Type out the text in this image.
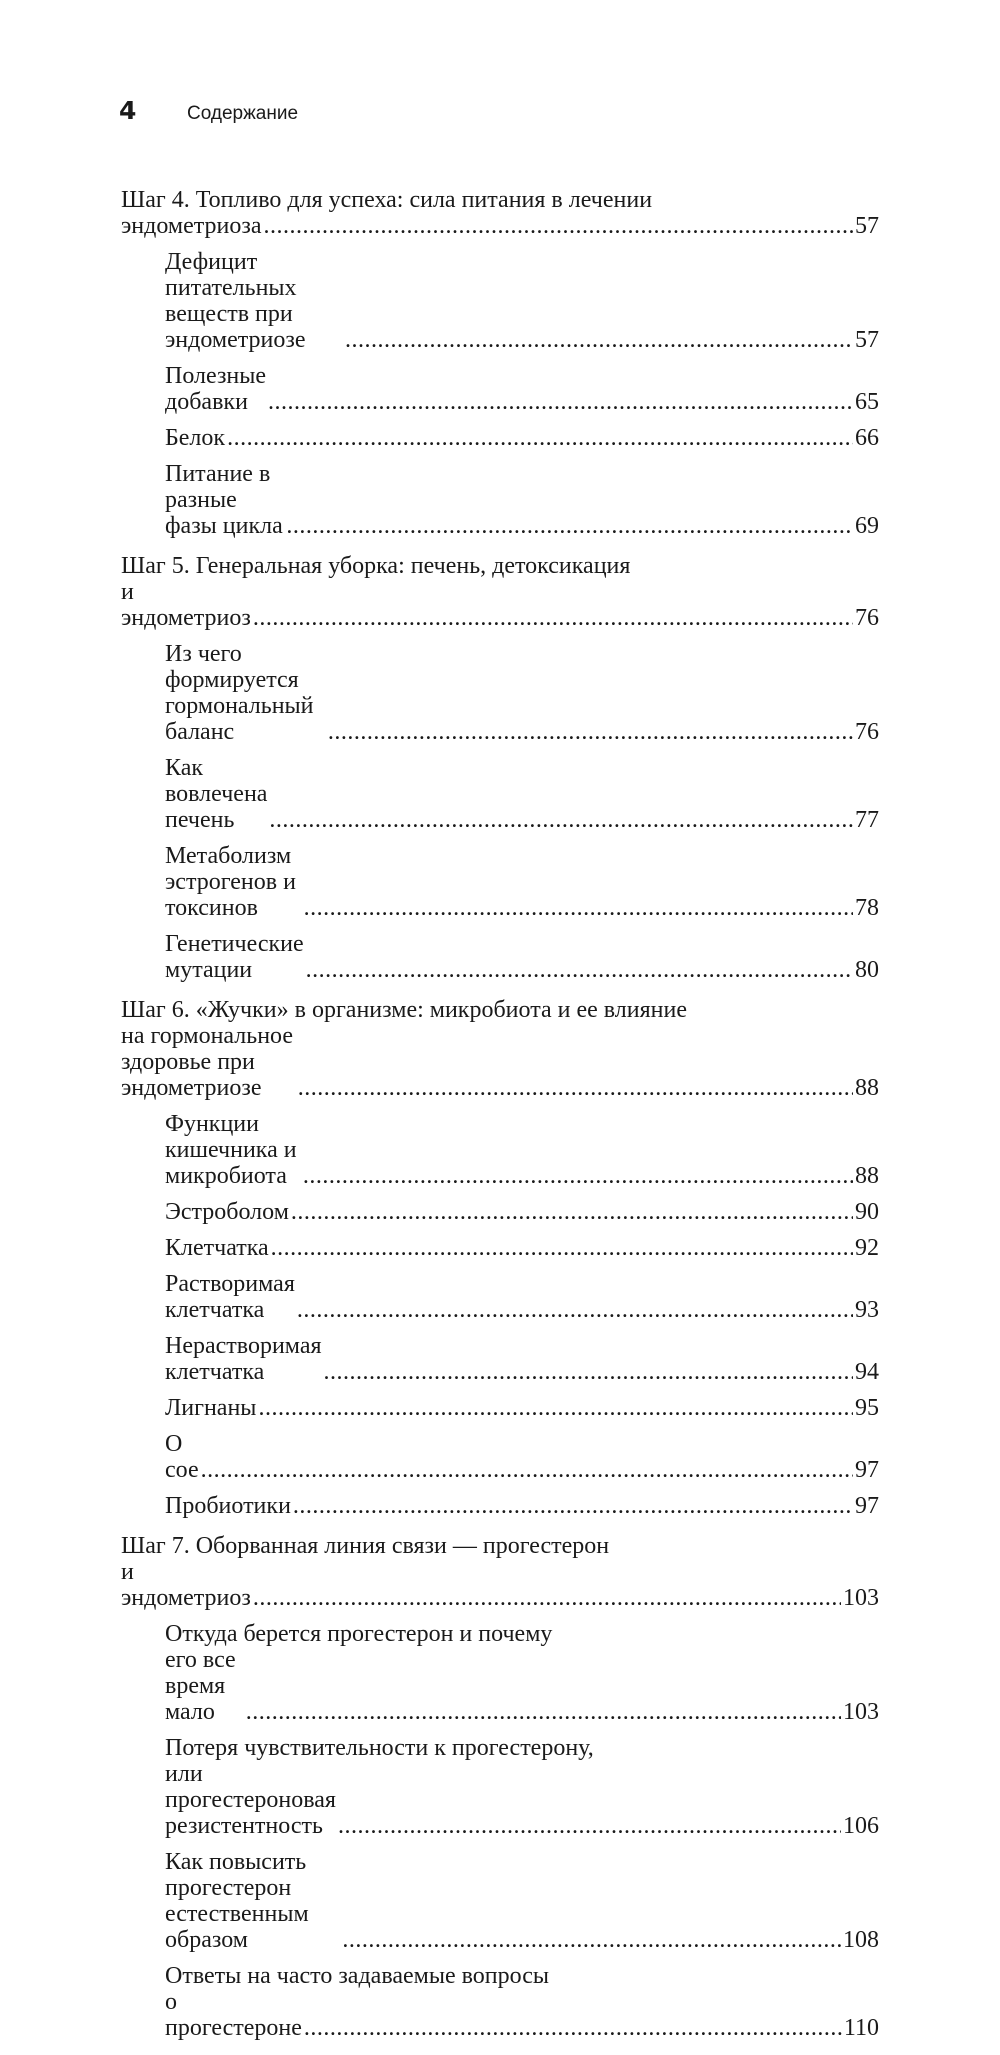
4	Содержание
Шаг 4. Топливо для успеха: сила питания в лечении
эндометриоза .....	57
Дефицит питательных веществ при эндометриозе .....	57
Полезные добавки .....	65
Белок .....	66
Питание в разные фазы цикла .....	69
Шаг 5. Генеральная уборка: печень, детоксикация
и эндометриоз .....	76
Из чего формируется гормональный баланс .....	76
Как вовлечена печень .....	77
Метаболизм эстрогенов и токсинов .....	78
Генетические мутации .....	80
Шаг 6. «Жучки» в организме: микробиота и ее влияние
на гормональное здоровье при эндометриозе .....	88
Функции кишечника и микробиота .....	88
Эстроболом .....	90
Клетчатка .....	92
Растворимая клетчатка .....	93
Нерастворимая клетчатка .....	94
Лигнаны .....	95
О сое .....	97
Пробиотики .....	97
Шаг 7. Оборванная линия связи — прогестерон
и эндометриоз .....	103
Откуда берется прогестерон и почему
его все время мало .....	103
Потеря чувствительности к прогестерону,
или прогестероновая резистентность .....	106
Как повысить прогестерон естественным образом .....	108
Ответы на часто задаваемые вопросы
о прогестероне .....	110
